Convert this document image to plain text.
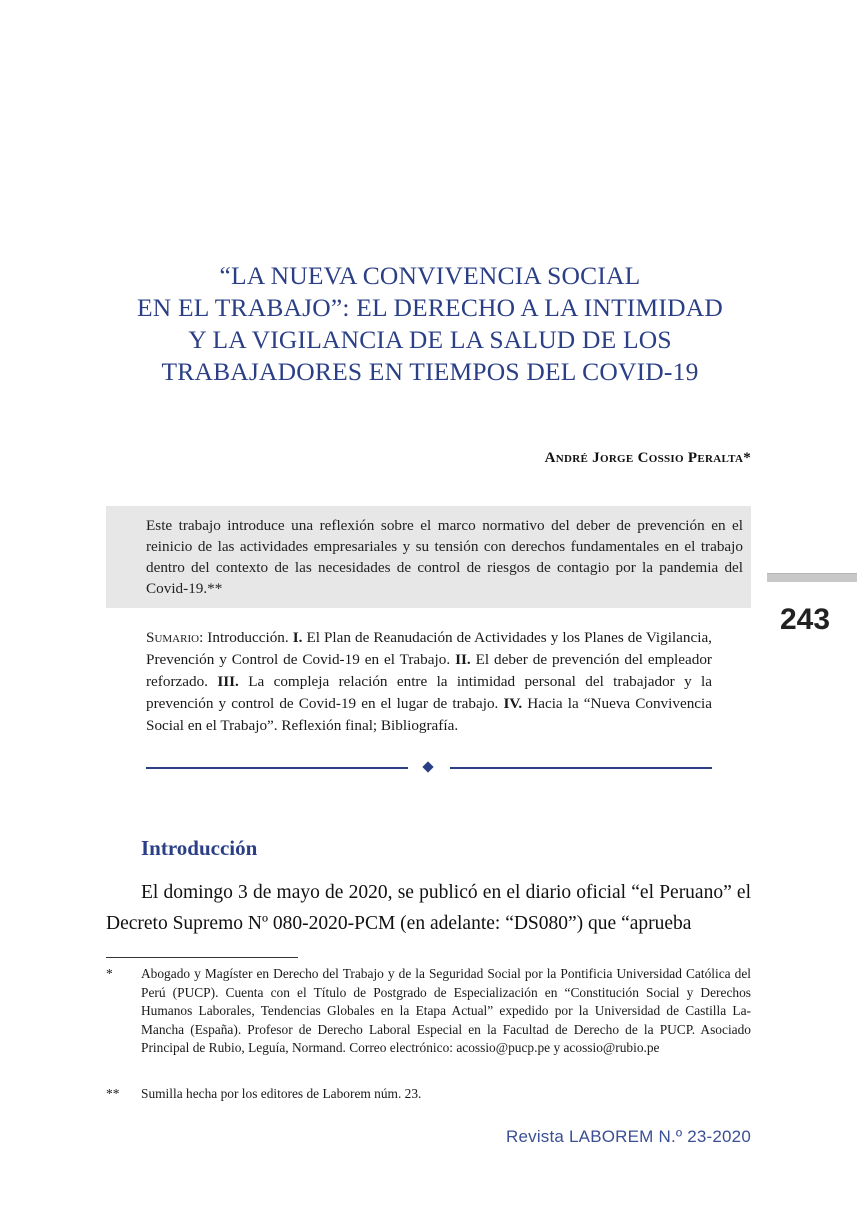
“LA NUEVA CONVIVENCIA SOCIAL
EN EL TRABAJO”: EL DERECHO A LA INTIMIDAD
Y LA VIGILANCIA DE LA SALUD DE LOS
TRABAJADORES EN TIEMPOS DEL COVID-19
André Jorge Cossio Peralta*

Este trabajo introduce una reflexión sobre el marco normativo del deber de prevención en el reinicio de las actividades empresariales y su tensión con derechos fundamentales en el trabajo dentro del contexto de las necesidades de control de riesgos de contagio por la pandemia del Covid-19.**

243

Sumario: Introducción. I. El Plan de Reanudación de Actividades y los Planes de Vigilancia, Prevención y Control de Covid-19 en el Trabajo. II. El deber de prevención del empleador reforzado. III. La compleja relación entre la intimidad personal del trabajador y la prevención y control de Covid-19 en el lugar de trabajo. IV. Hacia la “Nueva Convivencia Social en el Trabajo”. Reflexión final; Bibliografía.

Introducción

El domingo 3 de mayo de 2020, se publicó en el diario oficial “el Peruano” el Decreto Supremo Nº 080-2020-PCM (en adelante: “DS080”) que “aprueba

*	Abogado y Magíster en Derecho del Trabajo y de la Seguridad Social por la Pontificia Universidad Católica del Perú (PUCP). Cuenta con el Título de Postgrado de Especialización en “Constitución Social y Derechos Humanos Laborales, Tendencias Globales en la Etapa Actual” expedido por la Universidad de Castilla La-Mancha (España). Profesor de Derecho Laboral Especial en la Facultad de Derecho de la PUCP. Asociado Principal de Rubio, Leguía, Normand. Correo electrónico: acossio@pucp.pe y acossio@rubio.pe
**	Sumilla hecha por los editores de Laborem núm. 23.
Revista LABOREM N.º 23-2020
